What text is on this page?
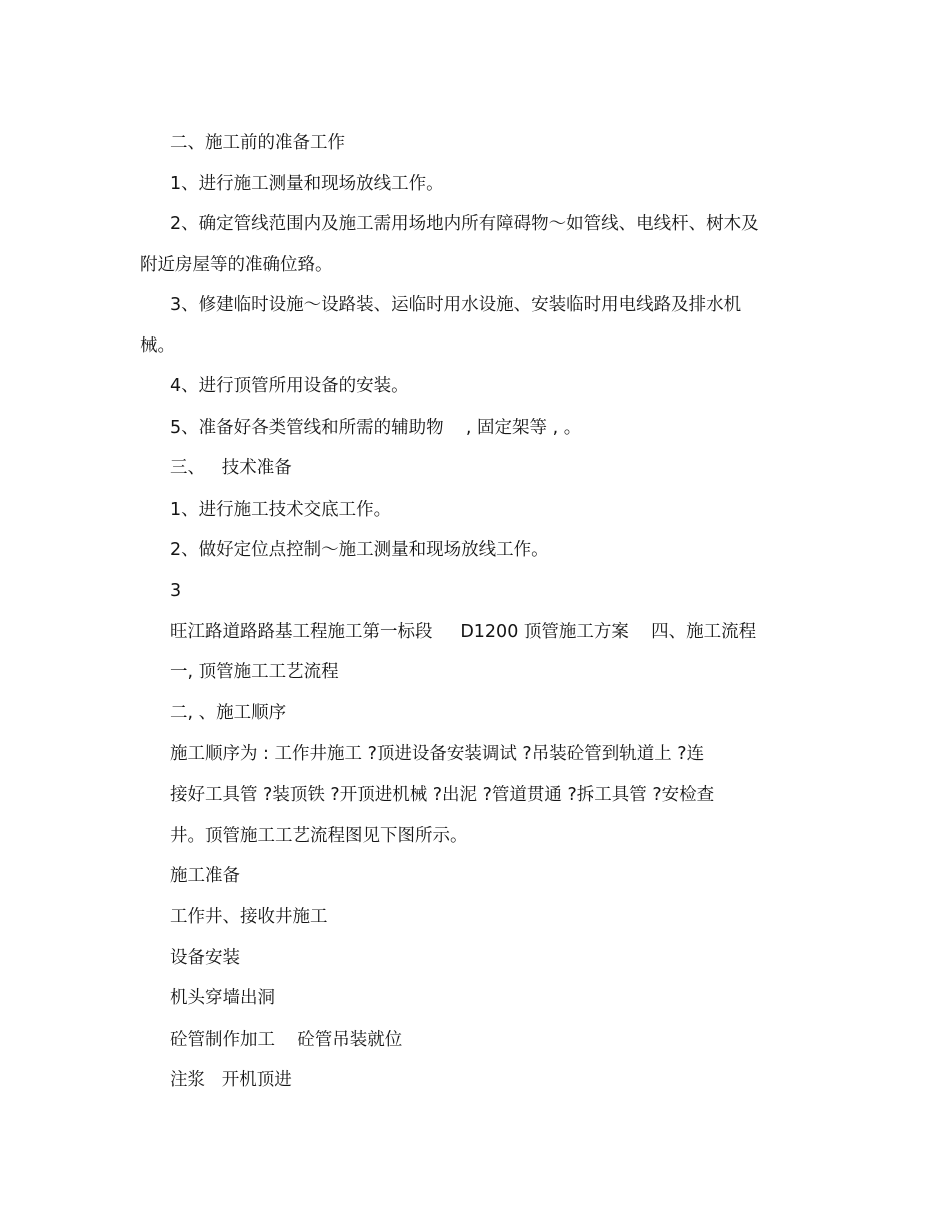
二、施工前的准备工作
1、进行施工测量和现场放线工作。
2、确定管线范围内及施工需用场地内所有障碍物～如管线、电线杆、树木及
附近房屋等的准确位臵。
3、修建临时设施～设路装、运临时用水设施、安装临时用电线路及排水机
械。
4、进行顶管所用设备的安装。
5、准备好各类管线和所需的辅助物    , 固定架等 , 。
三、   技术准备
1、进行施工技术交底工作。
2、做好定位点控制～施工测量和现场放线工作。
3
旺江路道路路基工程施工第一标段     D1200 顶管施工方案    四、施工流程
一, 顶管施工工艺流程
二, 、施工顺序
施工顺序为 : 工作井施工 ?顶进设备安装调试 ?吊装砼管到轨道上 ?连
接好工具管 ?装顶铁 ?开顶进机械 ?出泥 ?管道贯通 ?拆工具管 ?安检查
井。顶管施工工艺流程图见下图所示。
施工准备
工作井、接收井施工
设备安装
机头穿墙出洞
砼管制作加工    砼管吊装就位
注浆   开机顶进
